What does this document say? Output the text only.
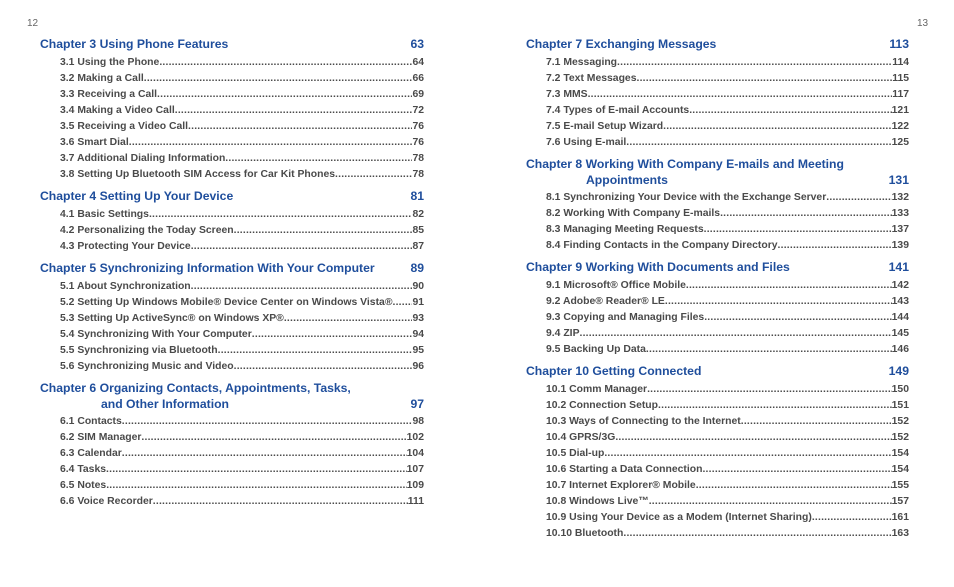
12	13
Chapter 3 Using Phone Features	63
3.1 Using the Phone .....	64
3.2 Making a Call .....	66
3.3 Receiving a Call .....	69
3.4 Making a Video Call .....	72
3.5 Receiving a Video Call .....	76
3.6 Smart Dial .....	76
3.7 Additional Dialing Information .....	78
3.8 Setting Up Bluetooth SIM Access for Car Kit Phones .....	78
Chapter 4 Setting Up Your Device	81
4.1 Basic Settings .....	82
4.2 Personalizing the Today Screen .....	85
4.3 Protecting Your Device .....	87
Chapter 5 Synchronizing Information With Your Computer	89
5.1 About Synchronization .....	90
5.2 Setting Up Windows Mobile® Device Center on Windows Vista® ..... 91
5.3 Setting Up ActiveSync® on Windows XP® .....	93
5.4 Synchronizing With Your Computer .....	94
5.5 Synchronizing via Bluetooth .....	95
5.6 Synchronizing Music and Video .....	96
Chapter 6 Organizing Contacts, Appointments, Tasks,
and Other Information	97
6.1 Contacts .....	98
6.2 SIM Manager .....	102
6.3 Calendar .....	104
6.4 Tasks .....	107
6.5 Notes .....	109
6.6 Voice Recorder .....	111
Chapter 7 Exchanging Messages	113
7.1 Messaging .....	114
7.2 Text Messages .....	115
7.3 MMS .....	117
7.4 Types of E-mail Accounts .....	121
7.5 E-mail Setup Wizard .....	122
7.6 Using E-mail .....	125
Chapter 8 Working With Company E-mails and Meeting
Appointments	131
8.1 Synchronizing Your Device with the Exchange Server .....	132
8.2 Working With Company E-mails .....	133
8.3 Managing Meeting Requests .....	137
8.4 Finding Contacts in the Company Directory .....	139
Chapter 9 Working With Documents and Files	141
9.1 Microsoft® Office Mobile .....	142
9.2 Adobe® Reader® LE .....	143
9.3 Copying and Managing Files .....	144
9.4 ZIP .....	145
9.5 Backing Up Data .....	146
Chapter 10 Getting Connected	149
10.1 Comm Manager .....	150
10.2 Connection Setup .....	151
10.3 Ways of Connecting to the Internet .....	152
10.4 GPRS/3G .....	152
10.5 Dial-up .....	154
10.6 Starting a Data Connection .....	154
10.7 Internet Explorer® Mobile .....	155
10.8 Windows Live™ .....	157
10.9 Using Your Device as a Modem (Internet Sharing) .....	161
10.10 Bluetooth .....	163
